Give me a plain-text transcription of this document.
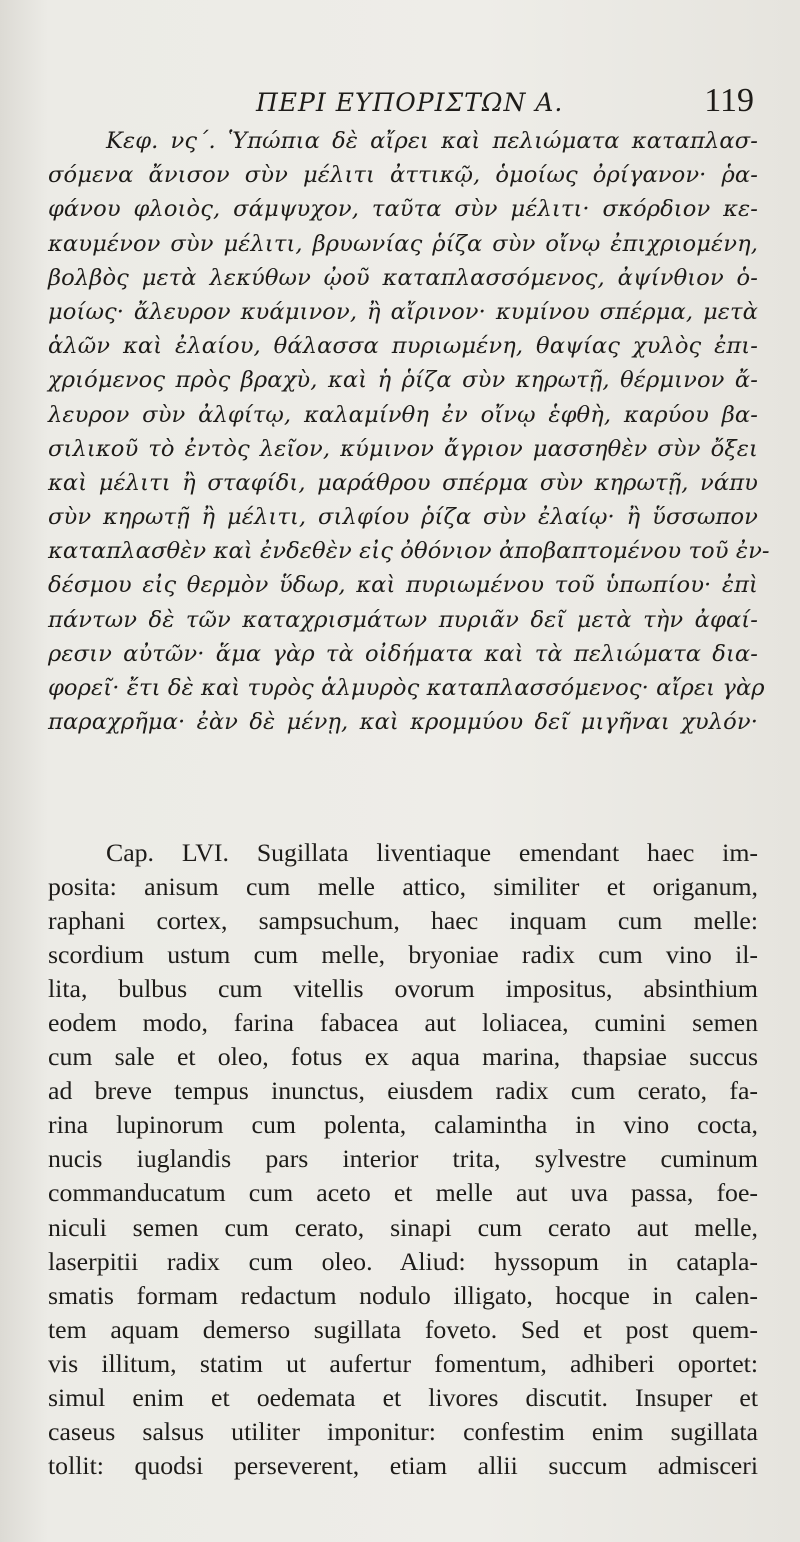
ΠΕΡΙ ΕΥΠΟΡΙΣΤΩΝ Α.	119
Κεφ. νς΄. Ὑπώπια δὲ αἴρει καὶ πελιώματα καταπλασ-
σόμενα ἄνισον σὺν μέλιτι ἀττικῷ, ὁμοίως ὀρίγανον· ῥα-
φάνου φλοιὸς, σάμψυχον, ταῦτα σὺν μέλιτι· σκόρδιον κε-
καυμένον σὺν μέλιτι, βρυωνίας ῥίζα σὺν οἴνῳ ἐπιχριομένη,
βολβὸς μετὰ λεκύθων ᾠοῦ καταπλασσόμενος, ἀψίνθιον ὁ-
μοίως· ἄλευρον κυάμινον, ἢ αἴρινον· κυμίνου σπέρμα, μετὰ
ἁλῶν καὶ ἐλαίου, θάλασσα πυριωμένη, θαψίας χυλὸς ἐπι-
χριόμενος πρὸς βραχὺ, καὶ ἡ ῥίζα σὺν κηρωτῇ, θέρμινον ἄ-
λευρον σὺν ἀλφίτῳ, καλαμίνθη ἐν οἴνῳ ἑφθὴ, καρύου βα-
σιλικοῦ τὸ ἐντὸς λεῖον, κύμινον ἄγριον μασσηθὲν σὺν ὄξει
καὶ μέλιτι ἢ σταφίδι, μαράθρου σπέρμα σὺν κηρωτῇ, νάπυ
σὺν κηρωτῇ ἢ μέλιτι, σιλφίου ῥίζα σὺν ἐλαίῳ· ἢ ὕσσωπον
καταπλασθὲν καὶ ἐνδεθὲν εἰς ὀθόνιον ἀποβαπτομένου τοῦ ἐν-
δέσμου εἰς θερμὸν ὕδωρ, καὶ πυριωμένου τοῦ ὑπωπίου· ἐπὶ
πάντων δὲ τῶν καταχρισμάτων πυριᾶν δεῖ μετὰ τὴν ἀφαί-
ρεσιν αὐτῶν· ἅμα γὰρ τὰ οἰδήματα καὶ τὰ πελιώματα δια-
φορεῖ· ἔτι δὲ καὶ τυρὸς ἁλμυρὸς καταπλασσόμενος· αἴρει γὰρ
παραχρῆμα· ἐὰν δὲ μένῃ, καὶ κρομμύου δεῖ μιγῆναι χυλόν·
Cap. LVI. Sugillata liventiaque emendant haec im-
posita: anisum cum melle attico, similiter et origanum,
raphani cortex, sampsuchum, haec inquam cum melle:
scordium ustum cum melle, bryoniae radix cum vino il-
lita, bulbus cum vitellis ovorum impositus, absinthium
eodem modo, farina fabacea aut loliacea, cumini semen
cum sale et oleo, fotus ex aqua marina, thapsiae succus
ad breve tempus inunctus, eiusdem radix cum cerato, fa-
rina lupinorum cum polenta, calaminthа in vino cocta,
nucis iuglandis pars interior trita, sylvestre cuminum
commanducatum cum aceto et melle aut uva passa, foe-
niculi semen cum cerato, sinapi cum cerato aut melle,
laserpitii radix cum oleo. Aliud: hyssopum in catapla-
smatis formam redactum nodulo illigato, hocque in calen-
tem aquam demerso sugillata foveto. Sed et post quem-
vis illitum, statim ut aufertur fomentum, adhiberi oportet:
simul enim et oedemata et livores discutit. Insuper et
caseus salsus utiliter imponitur: confestim enim sugillata
tollit: quodsi perseverent, etiam allii succum admisceri
